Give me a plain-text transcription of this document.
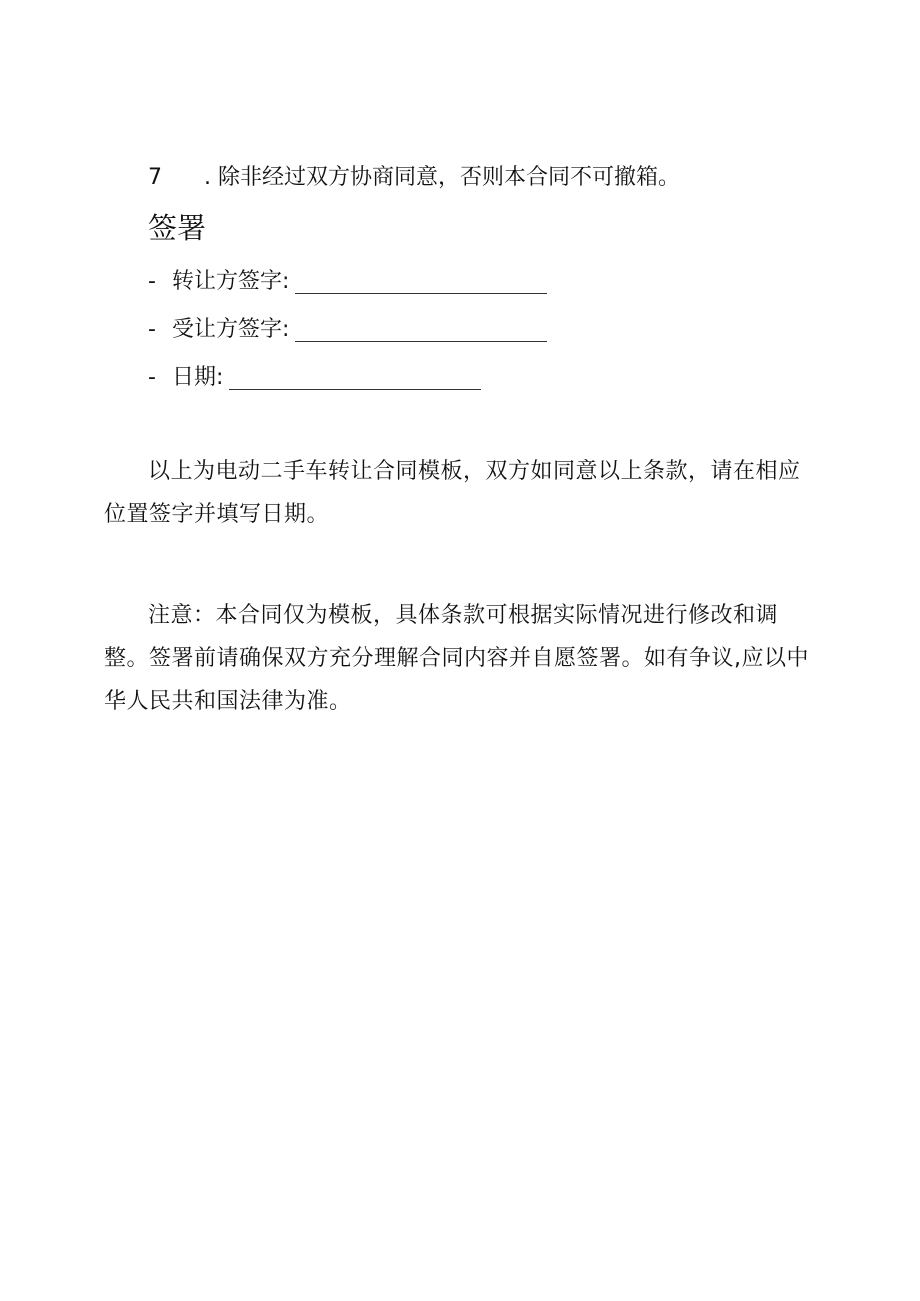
7 . 除非经过双方协商同意，否则本合同不可撤箱。
签署
- 转让方签字:
- 受让方签字:
- 日期:

以上为电动二手车转让合同模板，双方如同意以上条款，请在相应位置签字并填写日期。

注意：本合同仅为模板，具体条款可根据实际情况进行修改和调整。签署前请确保双方充分理解合同内容并自愿签署。如有争议,应以中华人民共和国法律为准。
